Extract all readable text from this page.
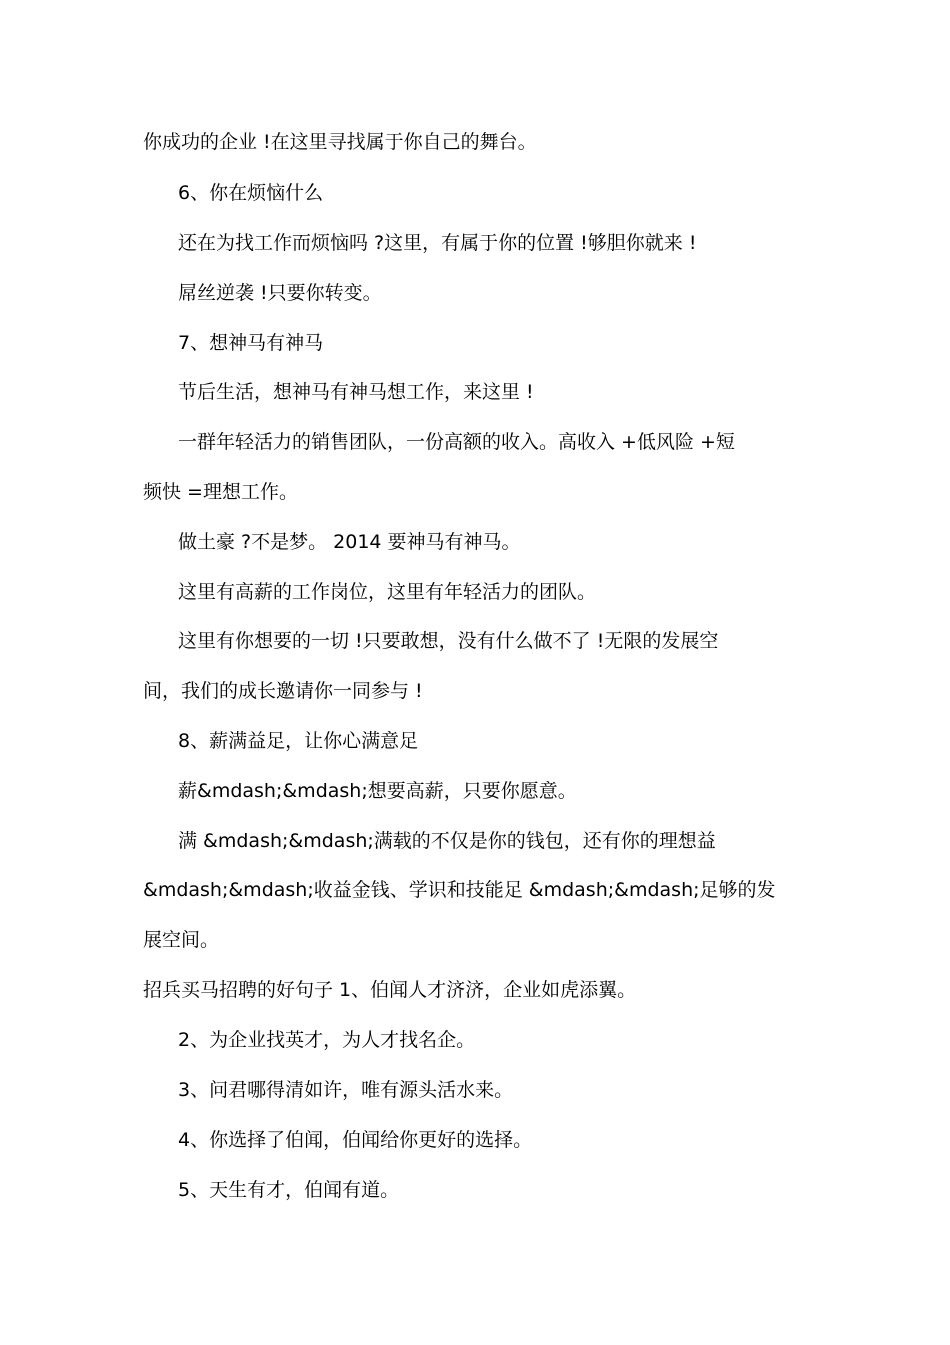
你成功的企业 !在这里寻找属于你自己的舞台。
6、你在烦恼什么
还在为找工作而烦恼吗 ?这里，有属于你的位置 !够胆你就来 !
屌丝逆袭 !只要你转变。
7、想神马有神马
节后生活，想神马有神马想工作，来这里 !
一群年轻活力的销售团队，一份高额的收入。高收入 +低风险 +短
频快 =理想工作。
做土豪 ?不是梦。 2014 要神马有神马。
这里有高薪的工作岗位，这里有年轻活力的团队。
这里有你想要的一切 !只要敢想，没有什么做不了 !无限的发展空
间，我们的成长邀请你一同参与 !
8、薪满益足，让你心满意足
薪&mdash;&mdash;想要高薪，只要你愿意。
满 &mdash;&mdash;满载的不仅是你的钱包，还有你的理想益
&mdash;&mdash;收益金钱、学识和技能足 &mdash;&mdash;足够的发
展空间。
招兵买马招聘的好句子 1、伯闻人才济济，企业如虎添翼。
2、为企业找英才，为人才找名企。
3、问君哪得清如许，唯有源头活水来。
4、你选择了伯闻，伯闻给你更好的选择。
5、天生有才，伯闻有道。
